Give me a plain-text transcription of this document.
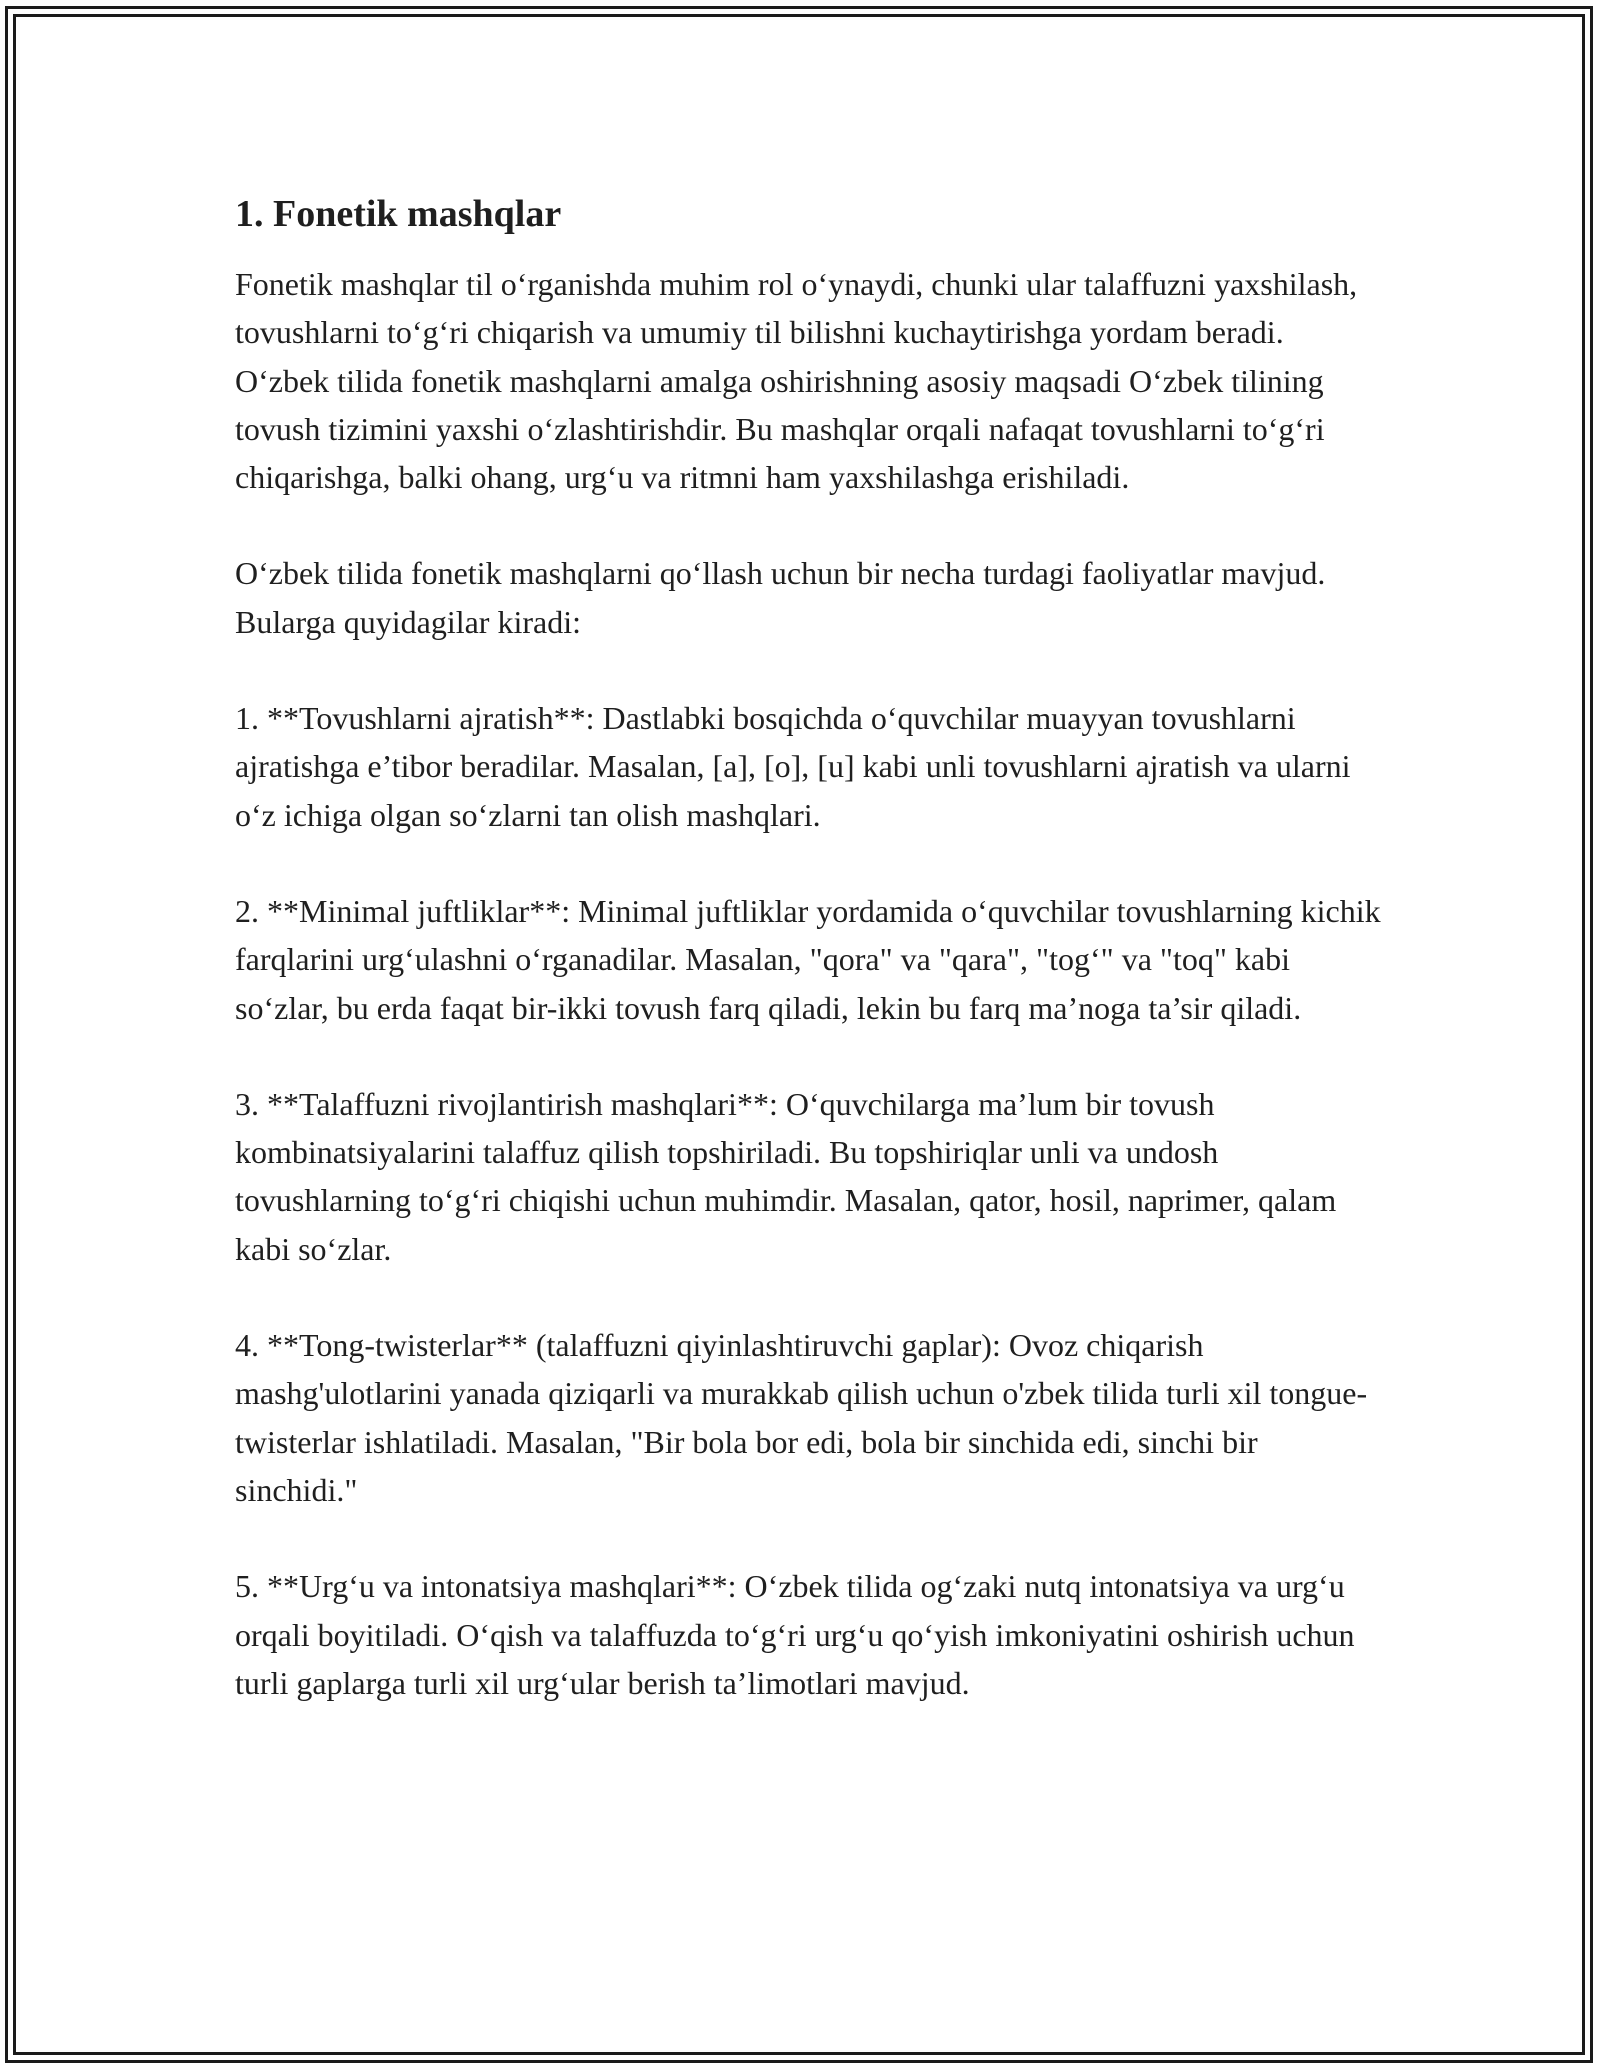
1. Fonetik mashqlar

Fonetik mashqlar til o‘rganishda muhim rol o‘ynaydi, chunki ular talaffuzni yaxshilash, tovushlarni to‘g‘ri chiqarish va umumiy til bilishni kuchaytirishga yordam beradi. O‘zbek tilida fonetik mashqlarni amalga oshirishning asosiy maqsadi O‘zbek tilining tovush tizimini yaxshi o‘zlashtirishdir. Bu mashqlar orqali nafaqat tovushlarni to‘g‘ri chiqarishga, balki ohang, urg‘u va ritmni ham yaxshilashga erishiladi.

O‘zbek tilida fonetik mashqlarni qo‘llash uchun bir necha turdagi faoliyatlar mavjud. Bularga quyidagilar kiradi:

1. **Tovushlarni ajratish**: Dastlabki bosqichda o‘quvchilar muayyan tovushlarni ajratishga e’tibor beradilar. Masalan, [a], [o], [u] kabi unli tovushlarni ajratish va ularni o‘z ichiga olgan so‘zlarni tan olish mashqlari.

2. **Minimal juftliklar**: Minimal juftliklar yordamida o‘quvchilar tovushlarning kichik farqlarini urg‘ulashni o‘rganadilar. Masalan, "qora" va "qara", "tog‘" va "toq" kabi so‘zlar, bu erda faqat bir-ikki tovush farq qiladi, lekin bu farq ma’noga ta’sir qiladi.

3. **Talaffuzni rivojlantirish mashqlari**: O‘quvchilarga ma’lum bir tovush kombinatsiyalarini talaffuz qilish topshiriladi. Bu topshiriqlar unli va undosh tovushlarning to‘g‘ri chiqishi uchun muhimdir. Masalan, qator, hosil, naprimer, qalam kabi so‘zlar.

4. **Tong-twisterlar** (talaffuzni qiyinlashtiruvchi gaplar): Ovoz chiqarish mashg'ulotlarini yanada qiziqarli va murakkab qilish uchun o'zbek tilida turli xil tongue-twisterlar ishlatiladi. Masalan, "Bir bola bor edi, bola bir sinchida edi, sinchi bir sinchidi."

5. **Urg‘u va intonatsiya mashqlari**: O‘zbek tilida og‘zaki nutq intonatsiya va urg‘u orqali boyitiladi. O‘qish va talaffuzda to‘g‘ri urg‘u qo‘yish imkoniyatini oshirish uchun turli gaplarga turli xil urg‘ular berish ta’limotlari mavjud.
